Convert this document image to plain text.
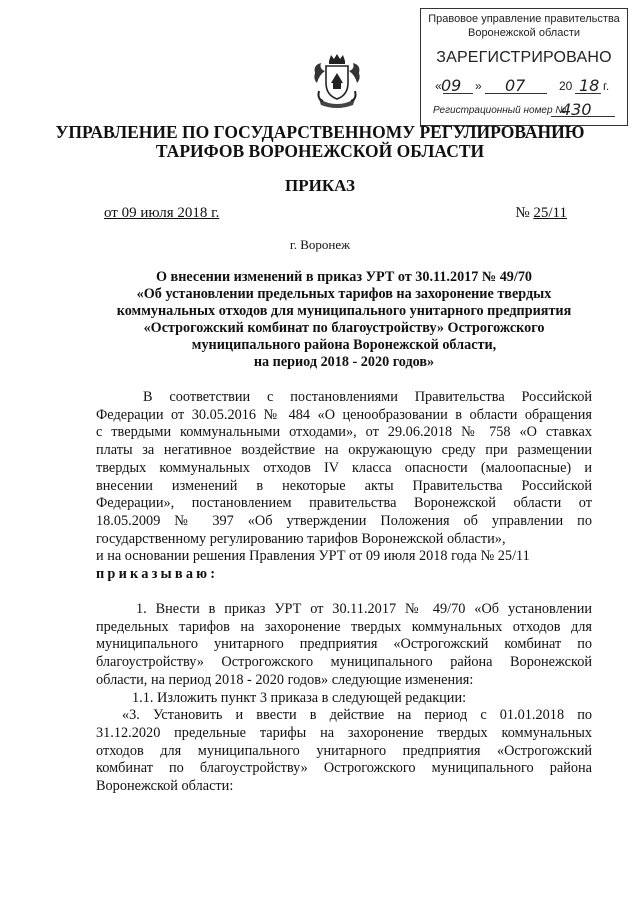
Правовое управление правительства
Воронежской области
ЗАРЕГИСТРИРОВАНО
« 09 » 07	20 18 г.
Регистрационный номер №
430
УПРАВЛЕНИЕ ПО ГОСУДАРСТВЕННОМУ РЕГУЛИРОВАНИЮ
ТАРИФОВ ВОРОНЕЖСКОЙ ОБЛАСТИ
ПРИКАЗ
от 09 июля 2018 г.	№ 25/11
г. Воронеж
О внесении изменений в приказ УРТ от 30.11.2017 № 49/70
«Об установлении предельных тарифов на захоронение твердых
коммунальных отходов для муниципального унитарного предприятия
«Острогожский комбинат по благоустройству» Острогожского
муниципального района Воронежской области,
на период 2018 - 2020 годов»
В соответствии с постановлениями Правительства Российской
Федерации от 30.05.2016 № 484 «О ценообразовании в области обращения
с твердыми коммунальными отходами», от 29.06.2018 № 758 «О ставках
платы за негативное воздействие на окружающую среду при размещении
твердых коммунальных отходов IV класса опасности (малоопасные) и
внесении изменений в некоторые акты Правительства Российской
Федерации», постановлением правительства Воронежской области от
18.05.2009 № 397 «Об утверждении Положения об управлении по
государственному регулированию тарифов Воронежской области»,
и на основании решения Правления УРТ от 09 июля 2018 года № 25/11
приказываю:
1. Внести в приказ УРТ от 30.11.2017 № 49/70 «Об установлении
предельных тарифов на захоронение твердых коммунальных отходов для
муниципального унитарного предприятия «Острогожский комбинат по
благоустройству» Острогожского муниципального района Воронежской
области, на период 2018 - 2020 годов» следующие изменения:
1.1. Изложить пункт 3 приказа в следующей редакции:
«3. Установить и ввести в действие на период с 01.01.2018 по
31.12.2020 предельные тарифы на захоронение твердых коммунальных
отходов для муниципального унитарного предприятия «Острогожский
комбинат по благоустройству» Острогожского муниципального района
Воронежской области:
